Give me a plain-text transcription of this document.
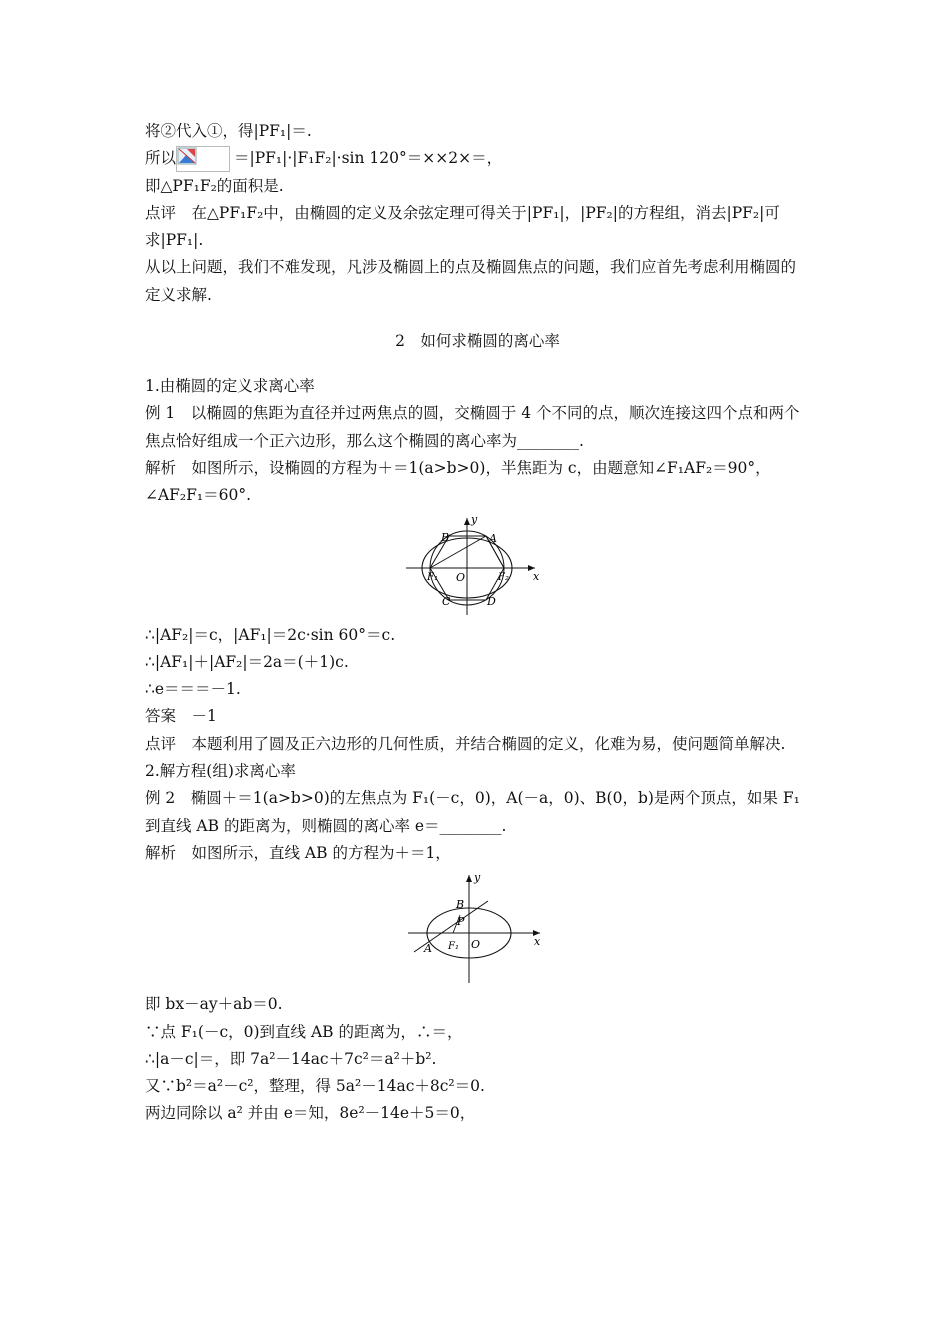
将②代入①，得|PF₁|＝.
所以	＝|PF₁|·|F₁F₂|·sin 120°＝××2×＝，
即△PF₁F₂的面积是.
点评　在△PF₁F₂中，由椭圆的定义及余弦定理可得关于|PF₁|，|PF₂|的方程组，消去|PF₂|可求|PF₁|.
从以上问题，我们不难发现，凡涉及椭圆上的点及椭圆焦点的问题，我们应首先考虑利用椭圆的定义求解.
2　如何求椭圆的离心率
1.由椭圆的定义求离心率
例 1　以椭圆的焦距为直径并过两焦点的圆，交椭圆于 4 个不同的点，顺次连接这四个点和两个焦点恰好组成一个正六边形，那么这个椭圆的离心率为________.
解析　如图所示，设椭圆的方程为＋＝1(a>b>0)，半焦距为 c，由题意知∠F₁AF₂＝90°，∠AF₂F₁＝60°.
y
x
O
A
B
C	D
F₁	F₂
∴|AF₂|＝c，|AF₁|＝2c·sin 60°＝c.
∴|AF₁|＋|AF₂|＝2a＝(＋1)c.
∴e＝＝＝－1.
答案　－1
点评　本题利用了圆及正六边形的几何性质，并结合椭圆的定义，化难为易，使问题简单解决.
2.解方程(组)求离心率
例 2　椭圆＋＝1(a>b>0)的左焦点为 F₁(－c，0)，A(－a，0)、B(0，b)是两个顶点，如果 F₁到直线 AB 的距离为，则椭圆的离心率 e＝________.
解析　如图所示，直线 AB 的方程为＋＝1，
y
x
O
A
B
P
F₁
即 bx－ay＋ab＝0.
∵点 F₁(－c，0)到直线 AB 的距离为，∴＝，
∴|a－c|＝，即 7a²－14ac＋7c²＝a²＋b².
又∵b²＝a²－c²，整理，得 5a²－14ac＋8c²＝0.
两边同除以 a² 并由 e＝知，8e²－14e＋5＝0，
